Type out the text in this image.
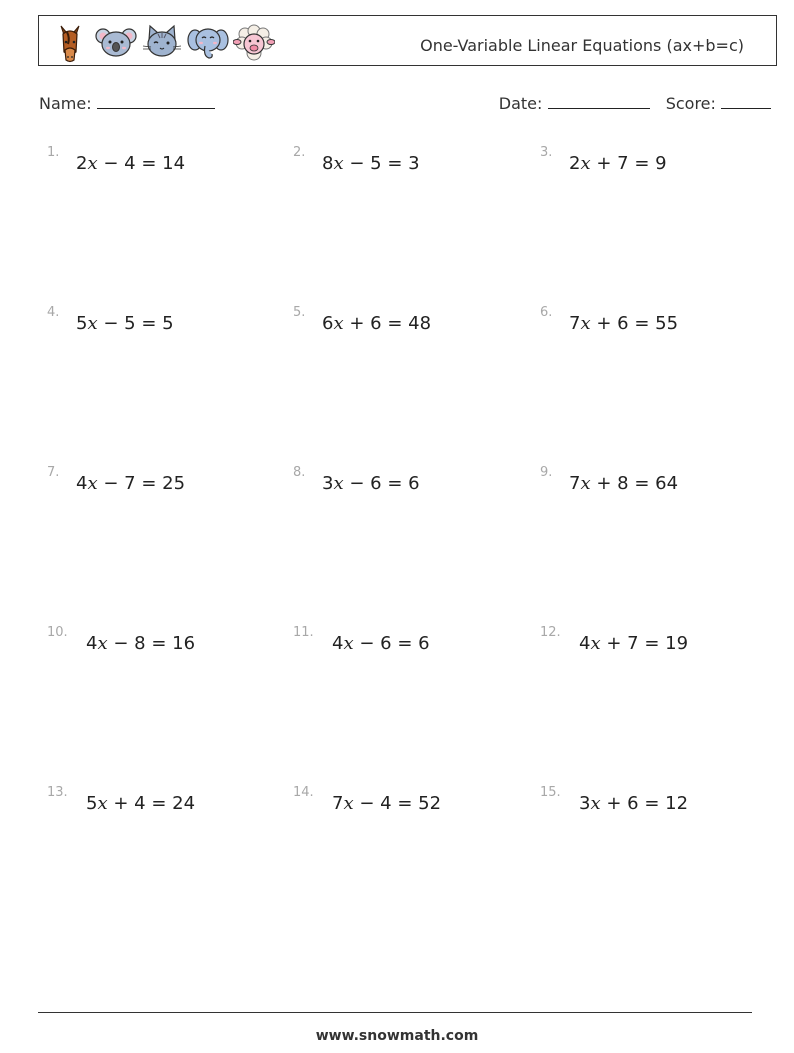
One-Variable Linear Equations (ax+b=c)
Name:	Date:	Score:
1.
2x − 4 = 14
2.
8x − 5 = 3
3.
2x + 7 = 9
4.
5x − 5 = 5
5.
6x + 6 = 48
6.
7x + 6 = 55
7.
4x − 7 = 25
8.
3x − 6 = 6
9.
7x + 8 = 64
10.
4x − 8 = 16
11.
4x − 6 = 6
12.
4x + 7 = 19
13.
5x + 4 = 24
14.
7x − 4 = 52
15.
3x + 6 = 12
www.snowmath.com
